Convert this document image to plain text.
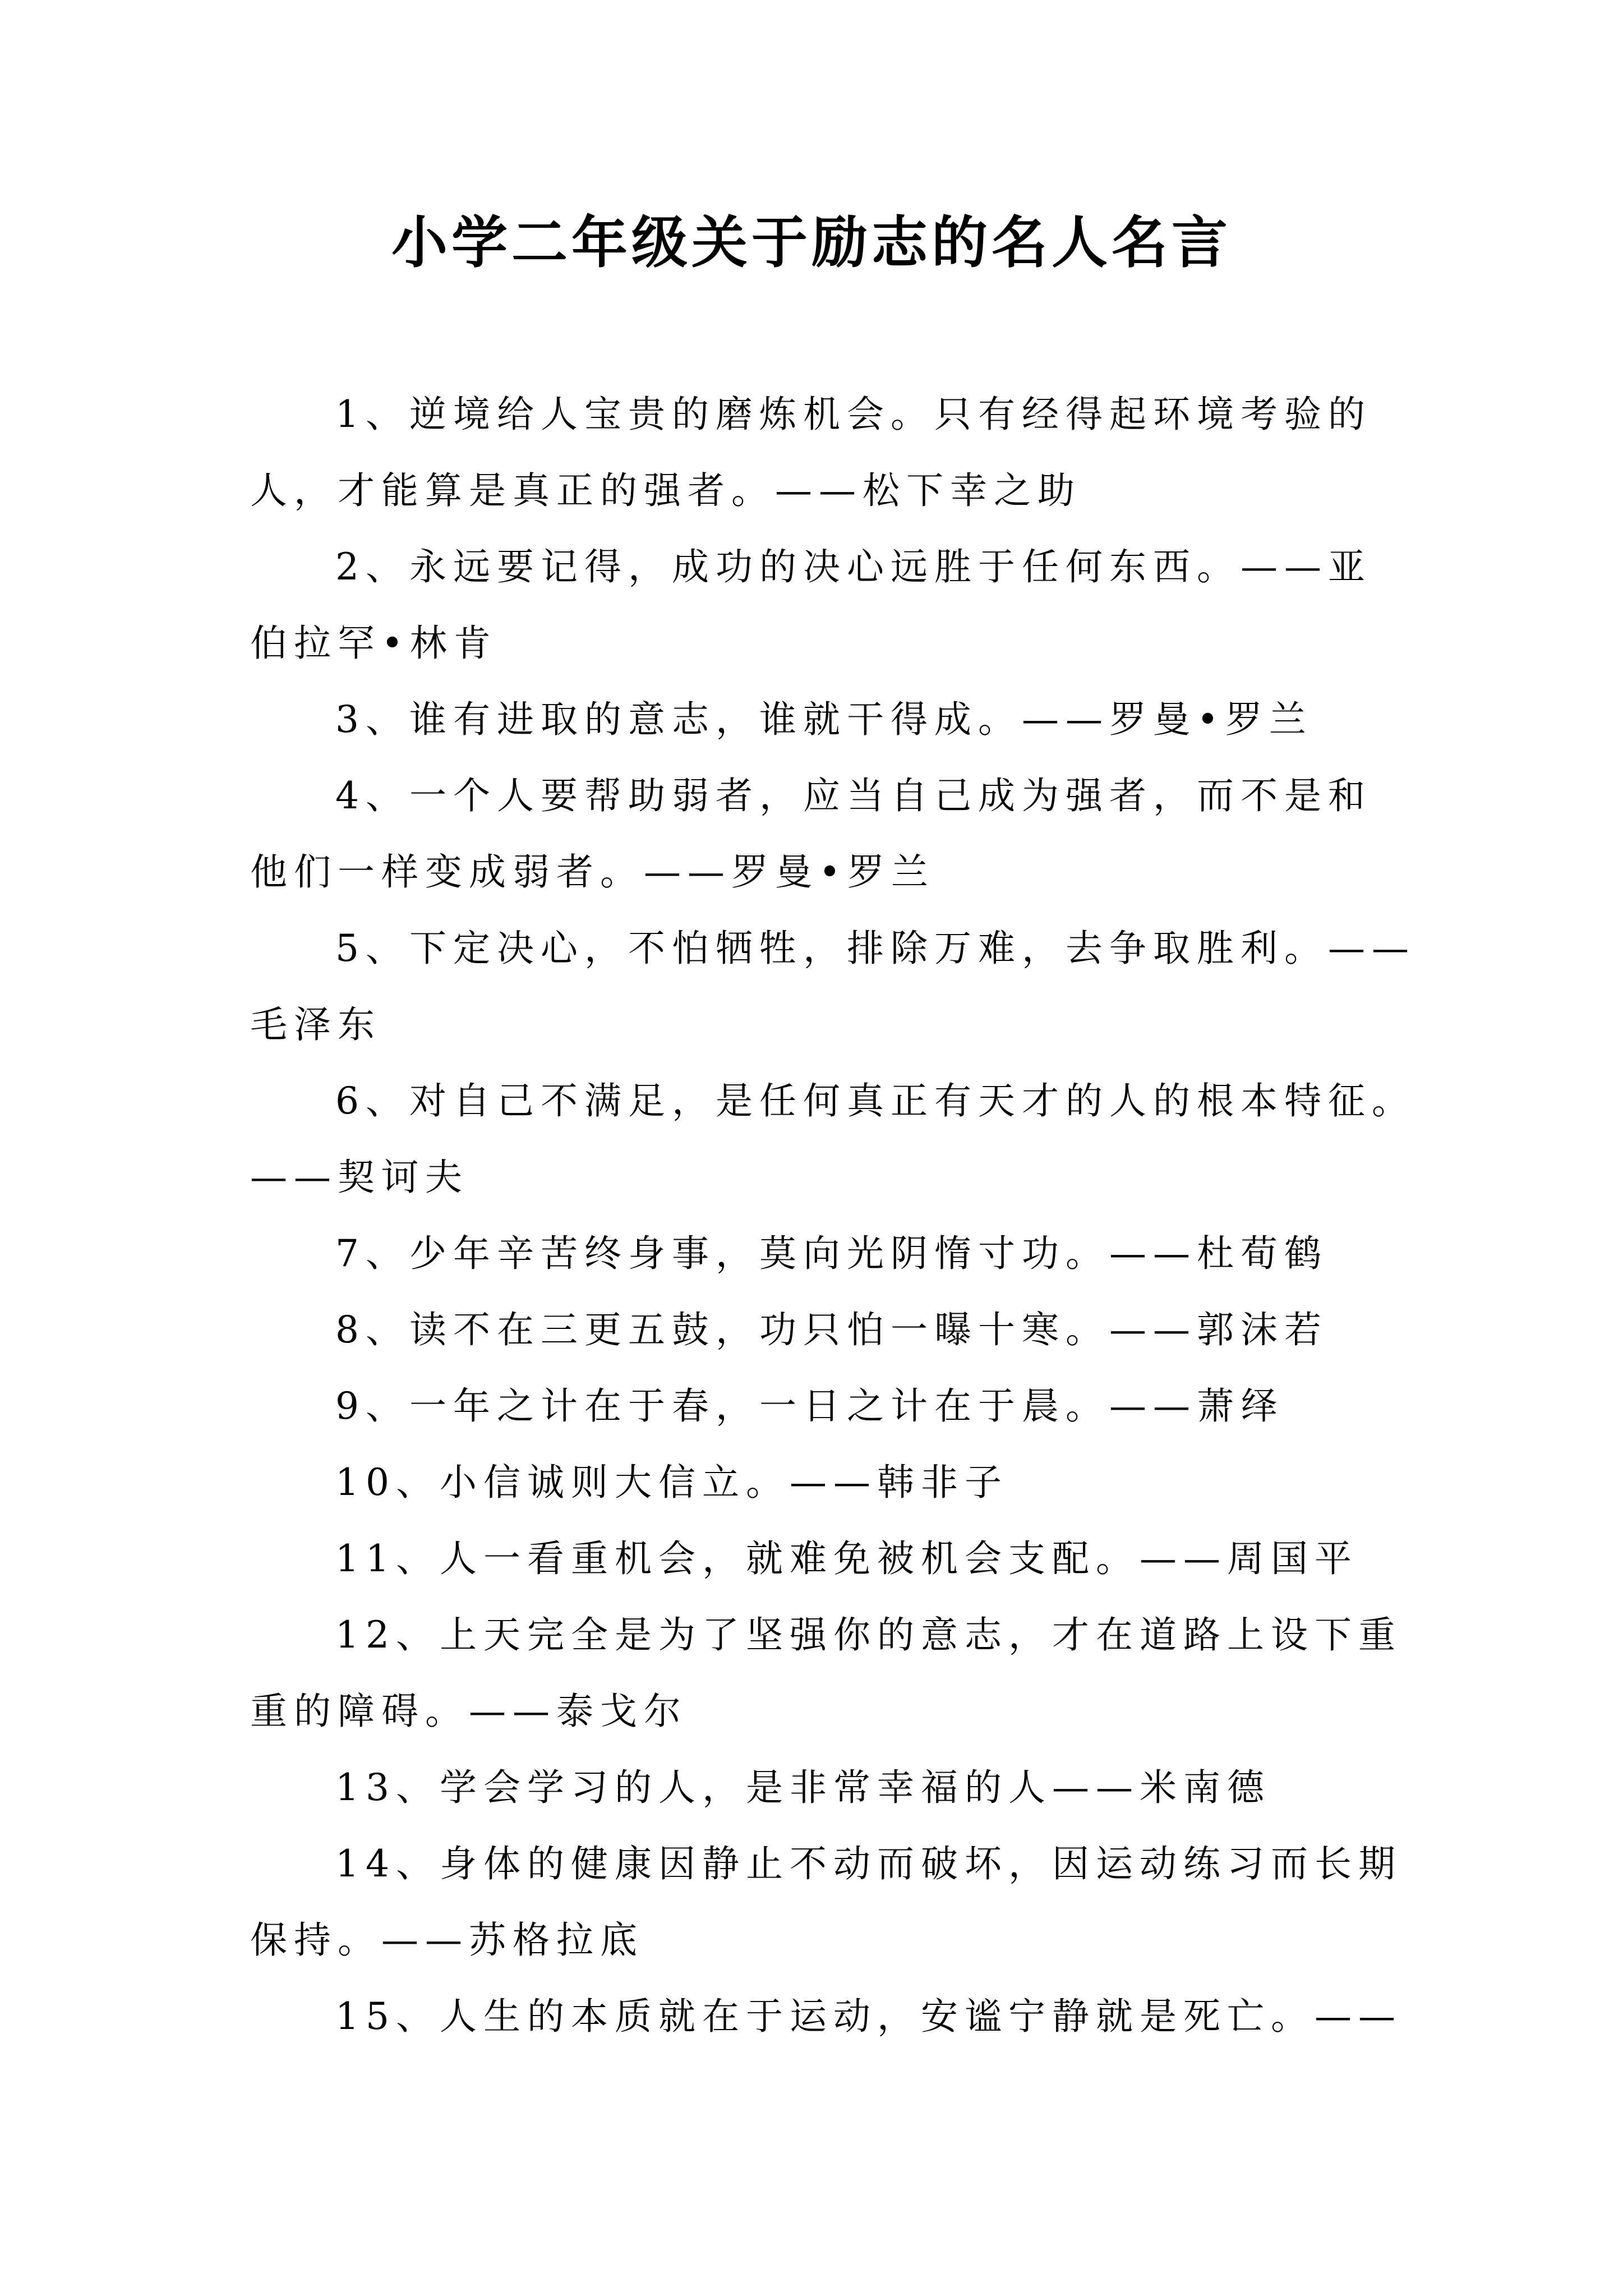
小学二年级关于励志的名人名言
1、逆境给人宝贵的磨炼机会。只有经得起环境考验的
人，才能算是真正的强者。——松下幸之助
2、永远要记得，成功的决心远胜于任何东西。——亚
伯拉罕•林肯
3、谁有进取的意志，谁就干得成。——罗曼•罗兰
4、一个人要帮助弱者，应当自己成为强者，而不是和
他们一样变成弱者。——罗曼•罗兰
5、下定决心，不怕牺牲，排除万难，去争取胜利。——
毛泽东
6、对自己不满足，是任何真正有天才的人的根本特征。
——契诃夫
7、少年辛苦终身事，莫向光阴惰寸功。——杜荀鹤
8、读不在三更五鼓，功只怕一曝十寒。——郭沫若
9、一年之计在于春，一日之计在于晨。——萧绎
10、小信诚则大信立。——韩非子
11、人一看重机会，就难免被机会支配。——周国平
12、上天完全是为了坚强你的意志，才在道路上设下重
重的障碍。——泰戈尔
13、学会学习的人，是非常幸福的人——米南德
14、身体的健康因静止不动而破坏，因运动练习而长期
保持。——苏格拉底
15、人生的本质就在于运动，安谧宁静就是死亡。——
